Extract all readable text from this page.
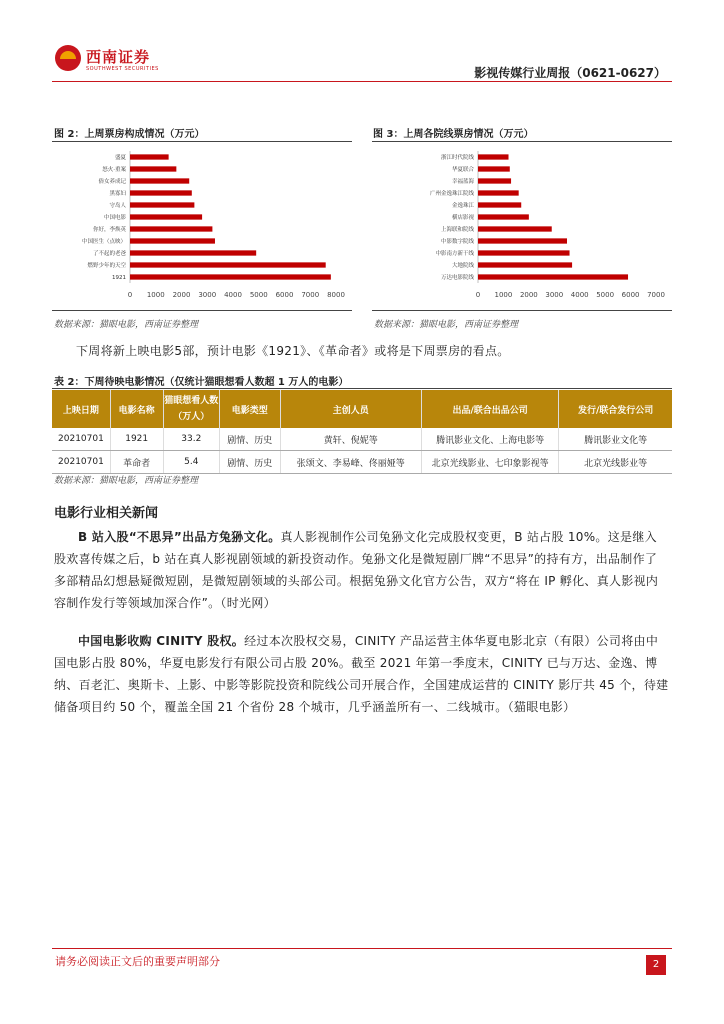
西南证券
SOUTHWEST SECURITIES	影视传媒行业周报（0621-0627）
图 2：上周票房构成情况（万元）
1921
燃野少年的天空
了不起的老爸
中国医生（点映）
你好，李焕英
中国电影
守岛人
黑寡妇
俗女养成记
怒火·重案
盛夏
0 1000 2000 3000 4000 5000 6000 7000 8000
数据来源：猫眼电影，西南证券整理
图 3：上周各院线票房情况（万元）
万达电影院线
大地院线
中影南方新干线
中影数字院线
上海联和院线
横店影视
金逸珠江
广州金逸珠江院线
幸福蓝海
华夏联合
浙江时代院线
0 1000 2000 3000 4000 5000 6000 7000
数据来源：猫眼电影，西南证券整理
下周将新上映电影5部，预计电影《1921》、《革命者》或将是下周票房的看点。
表 2：下周待映电影情况（仅统计猫眼想看人数超 1 万人的电影）
上映日期	电影名称	猫眼想看人数（万人）	电影类型	主创人员	出品/联合出品公司	发行/联合发行公司
20210701	1921	33.2	剧情、历史	黄轩、倪妮等	腾讯影业文化、上海电影等	腾讯影业文化等
20210701	革命者	5.4	剧情、历史	张颂文、李易峰、佟丽娅等	北京光线影业、七印象影视等	北京光线影业等
数据来源：猫眼电影，西南证券整理
电影行业相关新闻
B 站入股“不思异”出品方兔狲文化。真人影视制作公司兔狲文化完成股权变更，B 站占股 10%。这是继入股欢喜传媒之后，b 站在真人影视剧领域的新投资动作。兔狲文化是微短剧厂牌“不思异”的持有方，出品制作了多部精品幻想悬疑微短剧，是微短剧领域的头部公司。根据兔狲文化官方公告，双方“将在 IP 孵化、真人影视内容制作发行等领域加深合作”。（时光网）
中国电影收购 CINITY 股权。经过本次股权交易，CINITY 产品运营主体华夏电影北京（有限）公司将由中国电影占股 80%，华夏电影发行有限公司占股 20%。截至 2021 年第一季度末，CINITY 已与万达、金逸、博纳、百老汇、奥斯卡、上影、中影等影院投资和院线公司开展合作，全国建成运营的 CINITY 影厅共 45 个，待建储备项目约 50 个，覆盖全国 21 个省份 28 个城市，几乎涵盖所有一、二线城市。（猫眼电影）
请务必阅读正文后的重要声明部分	2
